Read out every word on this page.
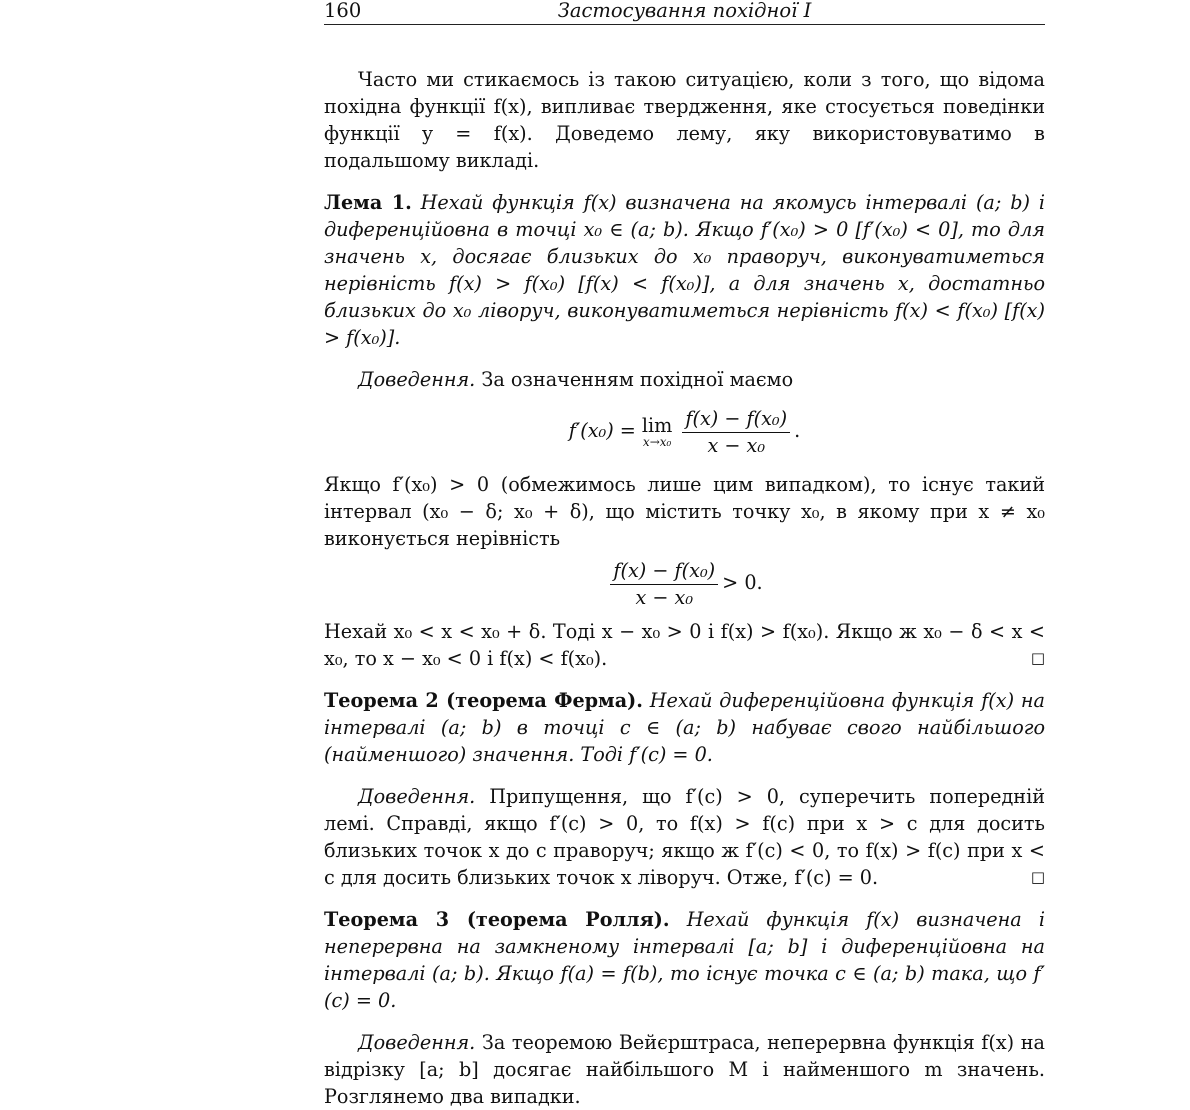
160	Застосування похідної I

Часто ми стикаємось із такою ситуацією, коли з того, що відома похідна функції f(x), випливає твердження, яке стосується поведінки функції y = f(x). Доведемо лему, яку використовуватимо в подальшому викладі.

Лема 1. Нехай функція f(x) визначена на якомусь інтервалі (a; b) і диференційовна в точці x₀ ∈ (a; b). Якщо f′(x₀) > 0 [f′(x₀) < 0], то для значень x, досягає близьких до x₀ праворуч, виконуватиметься нерівність f(x) > f(x₀) [f(x) < f(x₀)], а для значень x, достатньо близьких до x₀ ліворуч, виконуватиметься нерівність f(x) < f(x₀) [f(x) > f(x₀)].

Доведення. За означенням похідної маємо

f′(x₀) = lim
$x\to x_0 \frac{\text{f(x) − f(x₀)}}{\text{x − x₀}}$ .

Якщо f′(x₀) > 0 (обмежимось лише цим випадком), то існує такий інтервал (x₀ − δ; x₀ + δ), що містить точку x₀, в якому при x ≠ x₀ виконується нерівність

$\frac{\text{f(x) − f(x₀)}}{\text{x − x₀}} > 0$.

Нехай x₀ < x < x₀ + δ. Тоді x − x₀ > 0 і f(x) > f(x₀). Якщо ж x₀ − δ < x < x₀, то x − x₀ < 0 і f(x) < f(x₀).	□

Теорема 2 (теорема Ферма). Нехай диференційовна функція f(x) на інтервалі (a; b) в точці c ∈ (a; b) набуває свого найбільшого (найменшого) значення. Тоді f′(c) = 0.

Доведення. Припущення, що f′(c) > 0, суперечить попередній лемі. Справді, якщо f′(c) > 0, то f(x) > f(c) при x > c для досить близьких точок x до c праворуч; якщо ж f′(c) < 0, то f(x) > f(c) при x < c для досить близьких точок x ліворуч. Отже, f′(c) = 0.	□

Теорема 3 (теорема Ролля). Нехай функція f(x) визначена і неперервна на замкненому інтервалі [a; b] і диференційовна на інтервалі (a; b). Якщо f(a) = f(b), то існує точка c ∈ (a; b) така, що f′(c) = 0.

Доведення. За теоремою Вейєрштраса, неперервна функція f(x) на відрізку [a; b] досягає найбільшого M і найменшого m значень. Розглянемо два випадки.
